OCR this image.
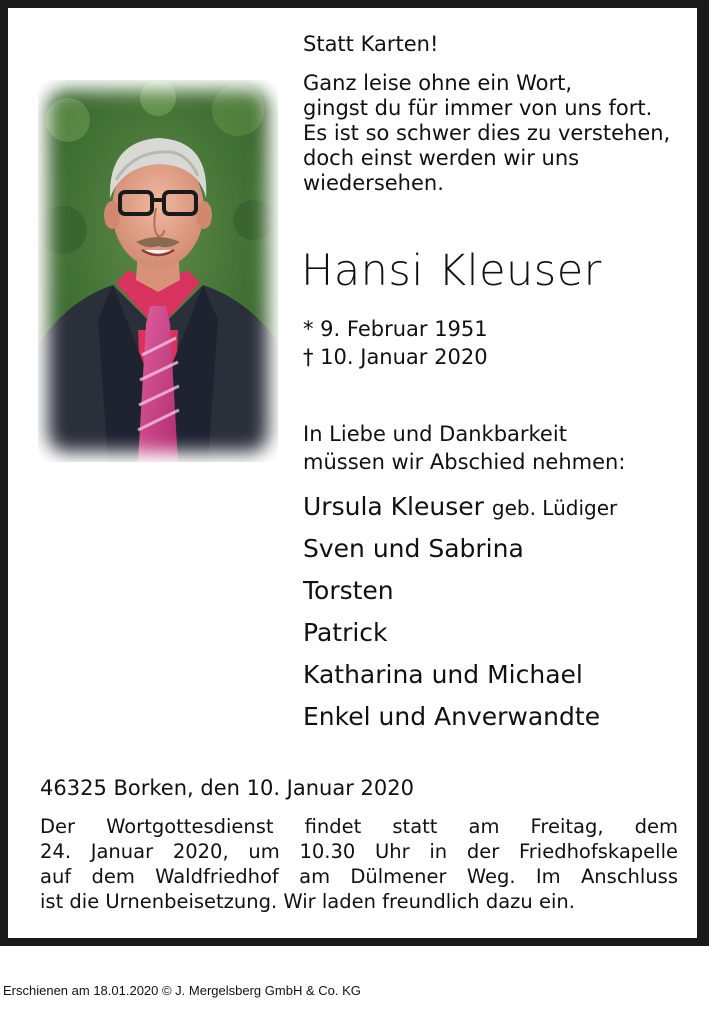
Statt Karten!
Ganz leise ohne ein Wort,
gingst du für immer von uns fort.
Es ist so schwer dies zu verstehen,
doch einst werden wir uns
wiedersehen.
Hansi Kleuser
* 9. Februar 1951
† 10. Januar 2020
In Liebe und Dankbarkeit
müssen wir Abschied nehmen:
Ursula Kleuser geb. Lüdiger
Sven und Sabrina
Torsten
Patrick
Katharina und Michael
Enkel und Anverwandte
46325 Borken, den 10. Januar 2020
Der Wortgottesdienst findet statt am Freitag, dem
24. Januar 2020, um 10.30 Uhr in der Friedhofskapelle
auf dem Waldfriedhof am Dülmener Weg. Im Anschluss
ist die Urnenbeisetzung. Wir laden freundlich dazu ein.
Erschienen am 18.01.2020 © J. Mergelsberg GmbH & Co. KG
